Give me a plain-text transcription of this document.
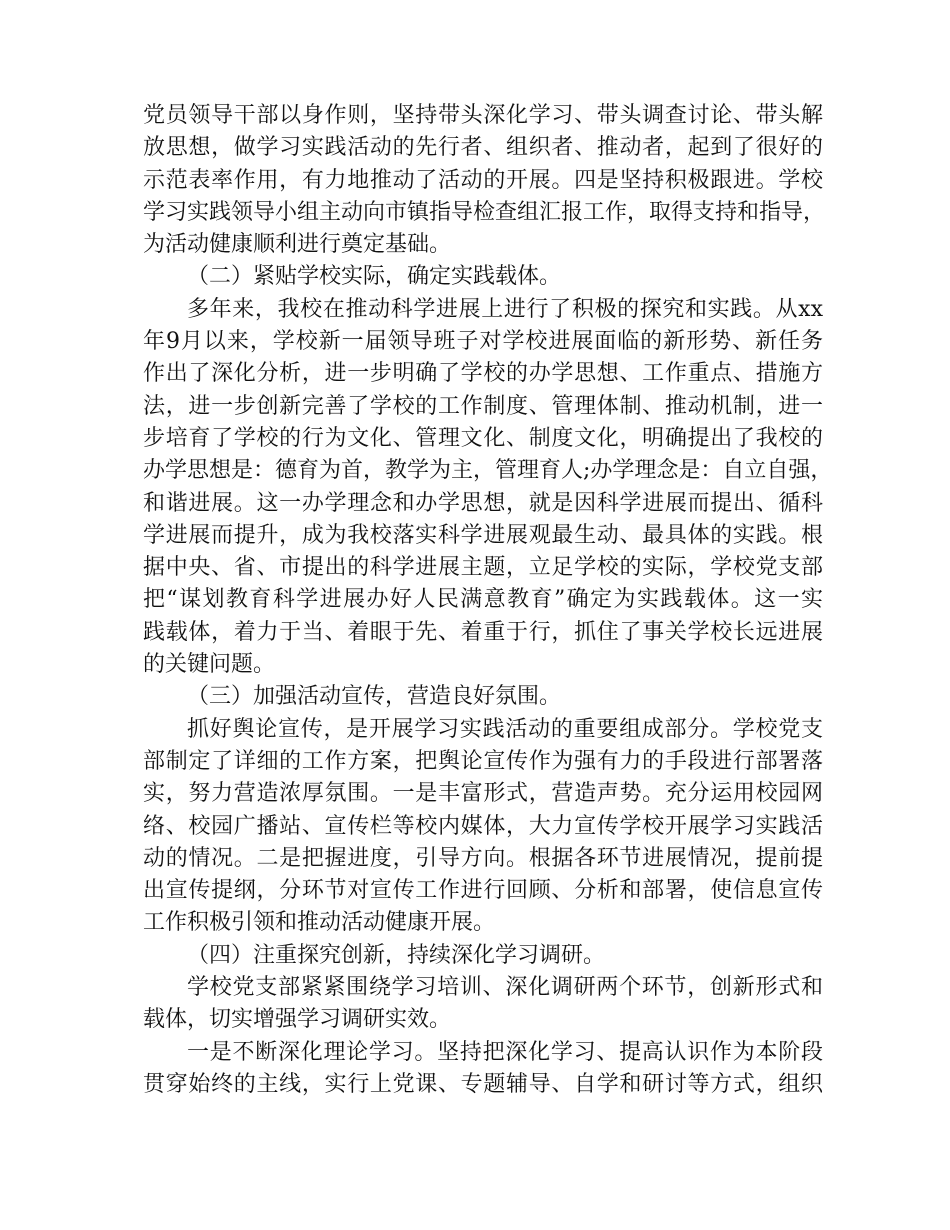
党员领导干部以身作则，坚持带头深化学习、带头调查讨论、带头解
放思想，做学习实践活动的先行者、组织者、推动者，起到了很好的
示范表率作用，有力地推动了活动的开展。四是坚持积极跟进。学校
学习实践领导小组主动向市镇指导检查组汇报工作，取得支持和指导，
为活动健康顺利进行奠定基础。
（二）紧贴学校实际，确定实践载体。
多年来，我校在推动科学进展上进行了积极的探究和实践。从xx
年9月以来，学校新一届领导班子对学校进展面临的新形势、新任务
作出了深化分析，进一步明确了学校的办学思想、工作重点、措施方
法，进一步创新完善了学校的工作制度、管理体制、推动机制，进一
步培育了学校的行为文化、管理文化、制度文化，明确提出了我校的
办学思想是：德育为首，教学为主，管理育人;办学理念是：自立自强，
和谐进展。这一办学理念和办学思想，就是因科学进展而提出、循科
学进展而提升，成为我校落实科学进展观最生动、最具体的实践。根
据中央、省、市提出的科学进展主题，立足学校的实际，学校党支部
把“谋划教育科学进展办好人民满意教育”确定为实践载体。这一实
践载体，着力于当、着眼于先、着重于行，抓住了事关学校长远进展
的关键问题。
（三）加强活动宣传，营造良好氛围。
抓好舆论宣传，是开展学习实践活动的重要组成部分。学校党支
部制定了详细的工作方案，把舆论宣传作为强有力的手段进行部署落
实，努力营造浓厚氛围。一是丰富形式，营造声势。充分运用校园网
络、校园广播站、宣传栏等校内媒体，大力宣传学校开展学习实践活
动的情况。二是把握进度，引导方向。根据各环节进展情况，提前提
出宣传提纲，分环节对宣传工作进行回顾、分析和部署，使信息宣传
工作积极引领和推动活动健康开展。
（四）注重探究创新，持续深化学习调研。
学校党支部紧紧围绕学习培训、深化调研两个环节，创新形式和
载体，切实增强学习调研实效。
一是不断深化理论学习。坚持把深化学习、提高认识作为本阶段
贯穿始终的主线，实行上党课、专题辅导、自学和研讨等方式，组织
